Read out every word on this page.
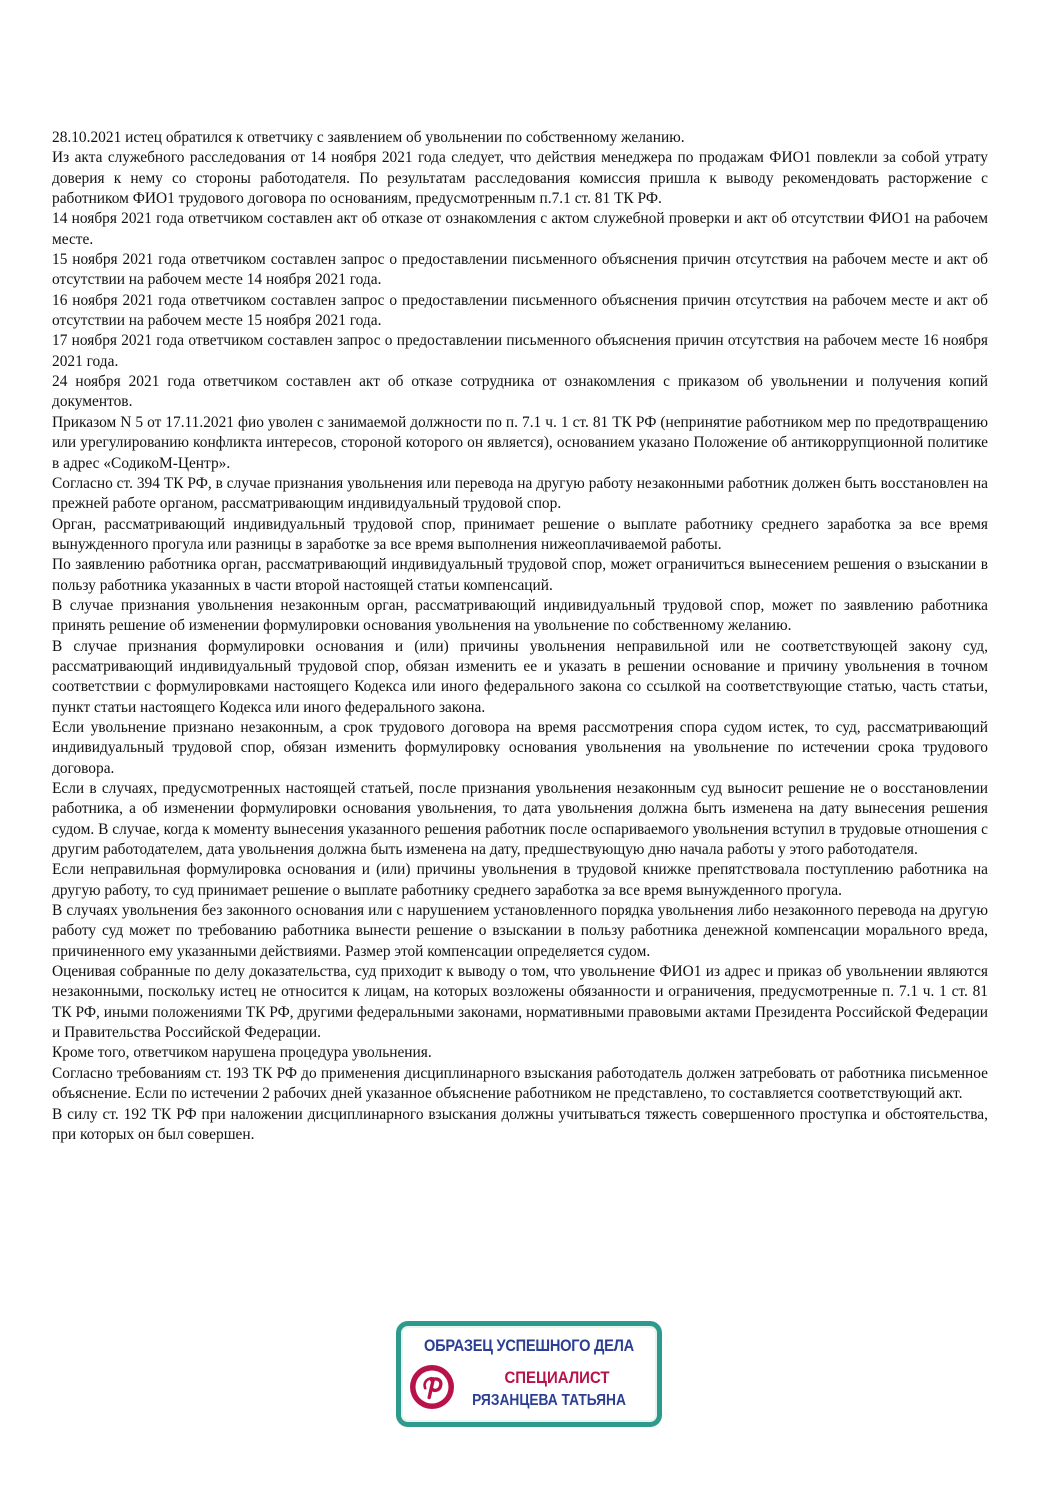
28.10.2021 истец обратился к ответчику с заявлением об увольнении по собственному желанию.

Из акта служебного расследования от 14 ноября 2021 года следует, что действия менеджера по продажам ФИО1 повлекли за собой утрату доверия к нему со стороны работодателя. По результатам расследования комиссия пришла к выводу рекомендовать расторжение с работником ФИО1 трудового договора по основаниям, предусмотренным п.7.1 ст. 81 ТК РФ.

14 ноября 2021 года ответчиком составлен акт об отказе от ознакомления с актом служебной проверки и акт об отсутствии ФИО1 на рабочем месте.

15 ноября 2021 года ответчиком составлен запрос о предоставлении письменного объяснения причин отсутствия на рабочем месте и акт об отсутствии на рабочем месте 14 ноября 2021 года.

16 ноября 2021 года ответчиком составлен запрос о предоставлении письменного объяснения причин отсутствия на рабочем месте и акт об отсутствии на рабочем месте 15 ноября 2021 года.

17 ноября 2021 года ответчиком составлен запрос о предоставлении письменного объяснения причин отсутствия на рабочем месте 16 ноября 2021 года.

24 ноября 2021 года ответчиком составлен акт об отказе сотрудника от ознакомления с приказом об увольнении и получения копий документов.

Приказом N 5 от 17.11.2021 фио уволен с занимаемой должности по п. 7.1 ч. 1 ст. 81 ТК РФ (непринятие работником мер по предотвращению или урегулированию конфликта интересов, стороной которого он является), основанием указано Положение об антикоррупционной политике в адрес «СодикоМ-Центр».

Согласно ст. 394 ТК РФ, в случае признания увольнения или перевода на другую работу незаконными работник должен быть восстановлен на прежней работе органом, рассматривающим индивидуальный трудовой спор.

Орган, рассматривающий индивидуальный трудовой спор, принимает решение о выплате работнику среднего заработка за все время вынужденного прогула или разницы в заработке за все время выполнения нижеоплачиваемой работы.

По заявлению работника орган, рассматривающий индивидуальный трудовой спор, может ограничиться вынесением решения о взыскании в пользу работника указанных в части второй настоящей статьи компенсаций.

В случае признания увольнения незаконным орган, рассматривающий индивидуальный трудовой спор, может по заявлению работника принять решение об изменении формулировки основания увольнения на увольнение по собственному желанию.

В случае признания формулировки основания и (или) причины увольнения неправильной или не соответствующей закону суд, рассматривающий индивидуальный трудовой спор, обязан изменить ее и указать в решении основание и причину увольнения в точном соответствии с формулировками настоящего Кодекса или иного федерального закона со ссылкой на соответствующие статью, часть статьи, пункт статьи настоящего Кодекса или иного федерального закона.

Если увольнение признано незаконным, а срок трудового договора на время рассмотрения спора судом истек, то суд, рассматривающий индивидуальный трудовой спор, обязан изменить формулировку основания увольнения на увольнение по истечении срока трудового договора.

Если в случаях, предусмотренных настоящей статьей, после признания увольнения незаконным суд выносит решение не о восстановлении работника, а об изменении формулировки основания увольнения, то дата увольнения должна быть изменена на дату вынесения решения судом. В случае, когда к моменту вынесения указанного решения работник после оспариваемого увольнения вступил в трудовые отношения с другим работодателем, дата увольнения должна быть изменена на дату, предшествующую дню начала работы у этого работодателя.

Если неправильная формулировка основания и (или) причины увольнения в трудовой книжке препятствовала поступлению работника на другую работу, то суд принимает решение о выплате работнику среднего заработка за все время вынужденного прогула.

В случаях увольнения без законного основания или с нарушением установленного порядка увольнения либо незаконного перевода на другую работу суд может по требованию работника вынести решение о взыскании в пользу работника денежной компенсации морального вреда, причиненного ему указанными действиями. Размер этой компенсации определяется судом.

Оценивая собранные по делу доказательства, суд приходит к выводу о том, что увольнение ФИО1 из адрес и приказ об увольнении являются незаконными, поскольку истец не относится к лицам, на которых возложены обязанности и ограничения, предусмотренные п. 7.1 ч. 1 ст. 81 ТК РФ, иными положениями ТК РФ, другими федеральными законами, нормативными правовыми актами Президента Российской Федерации и Правительства Российской Федерации.

Кроме того, ответчиком нарушена процедура увольнения.

Согласно требованиям ст. 193 ТК РФ до применения дисциплинарного взыскания работодатель должен затребовать от работника письменное объяснение. Если по истечении 2 рабочих дней указанное объяснение работником не представлено, то составляется соответствующий акт.

В силу ст. 192 ТК РФ при наложении дисциплинарного взыскания должны учитываться тяжесть совершенного проступка и обстоятельства, при которых он был совершен.

ОБРАЗЕЦ УСПЕШНОГО ДЕЛА
СПЕЦИАЛИСТ
РЯЗАНЦЕВА ТАТЬЯНА
